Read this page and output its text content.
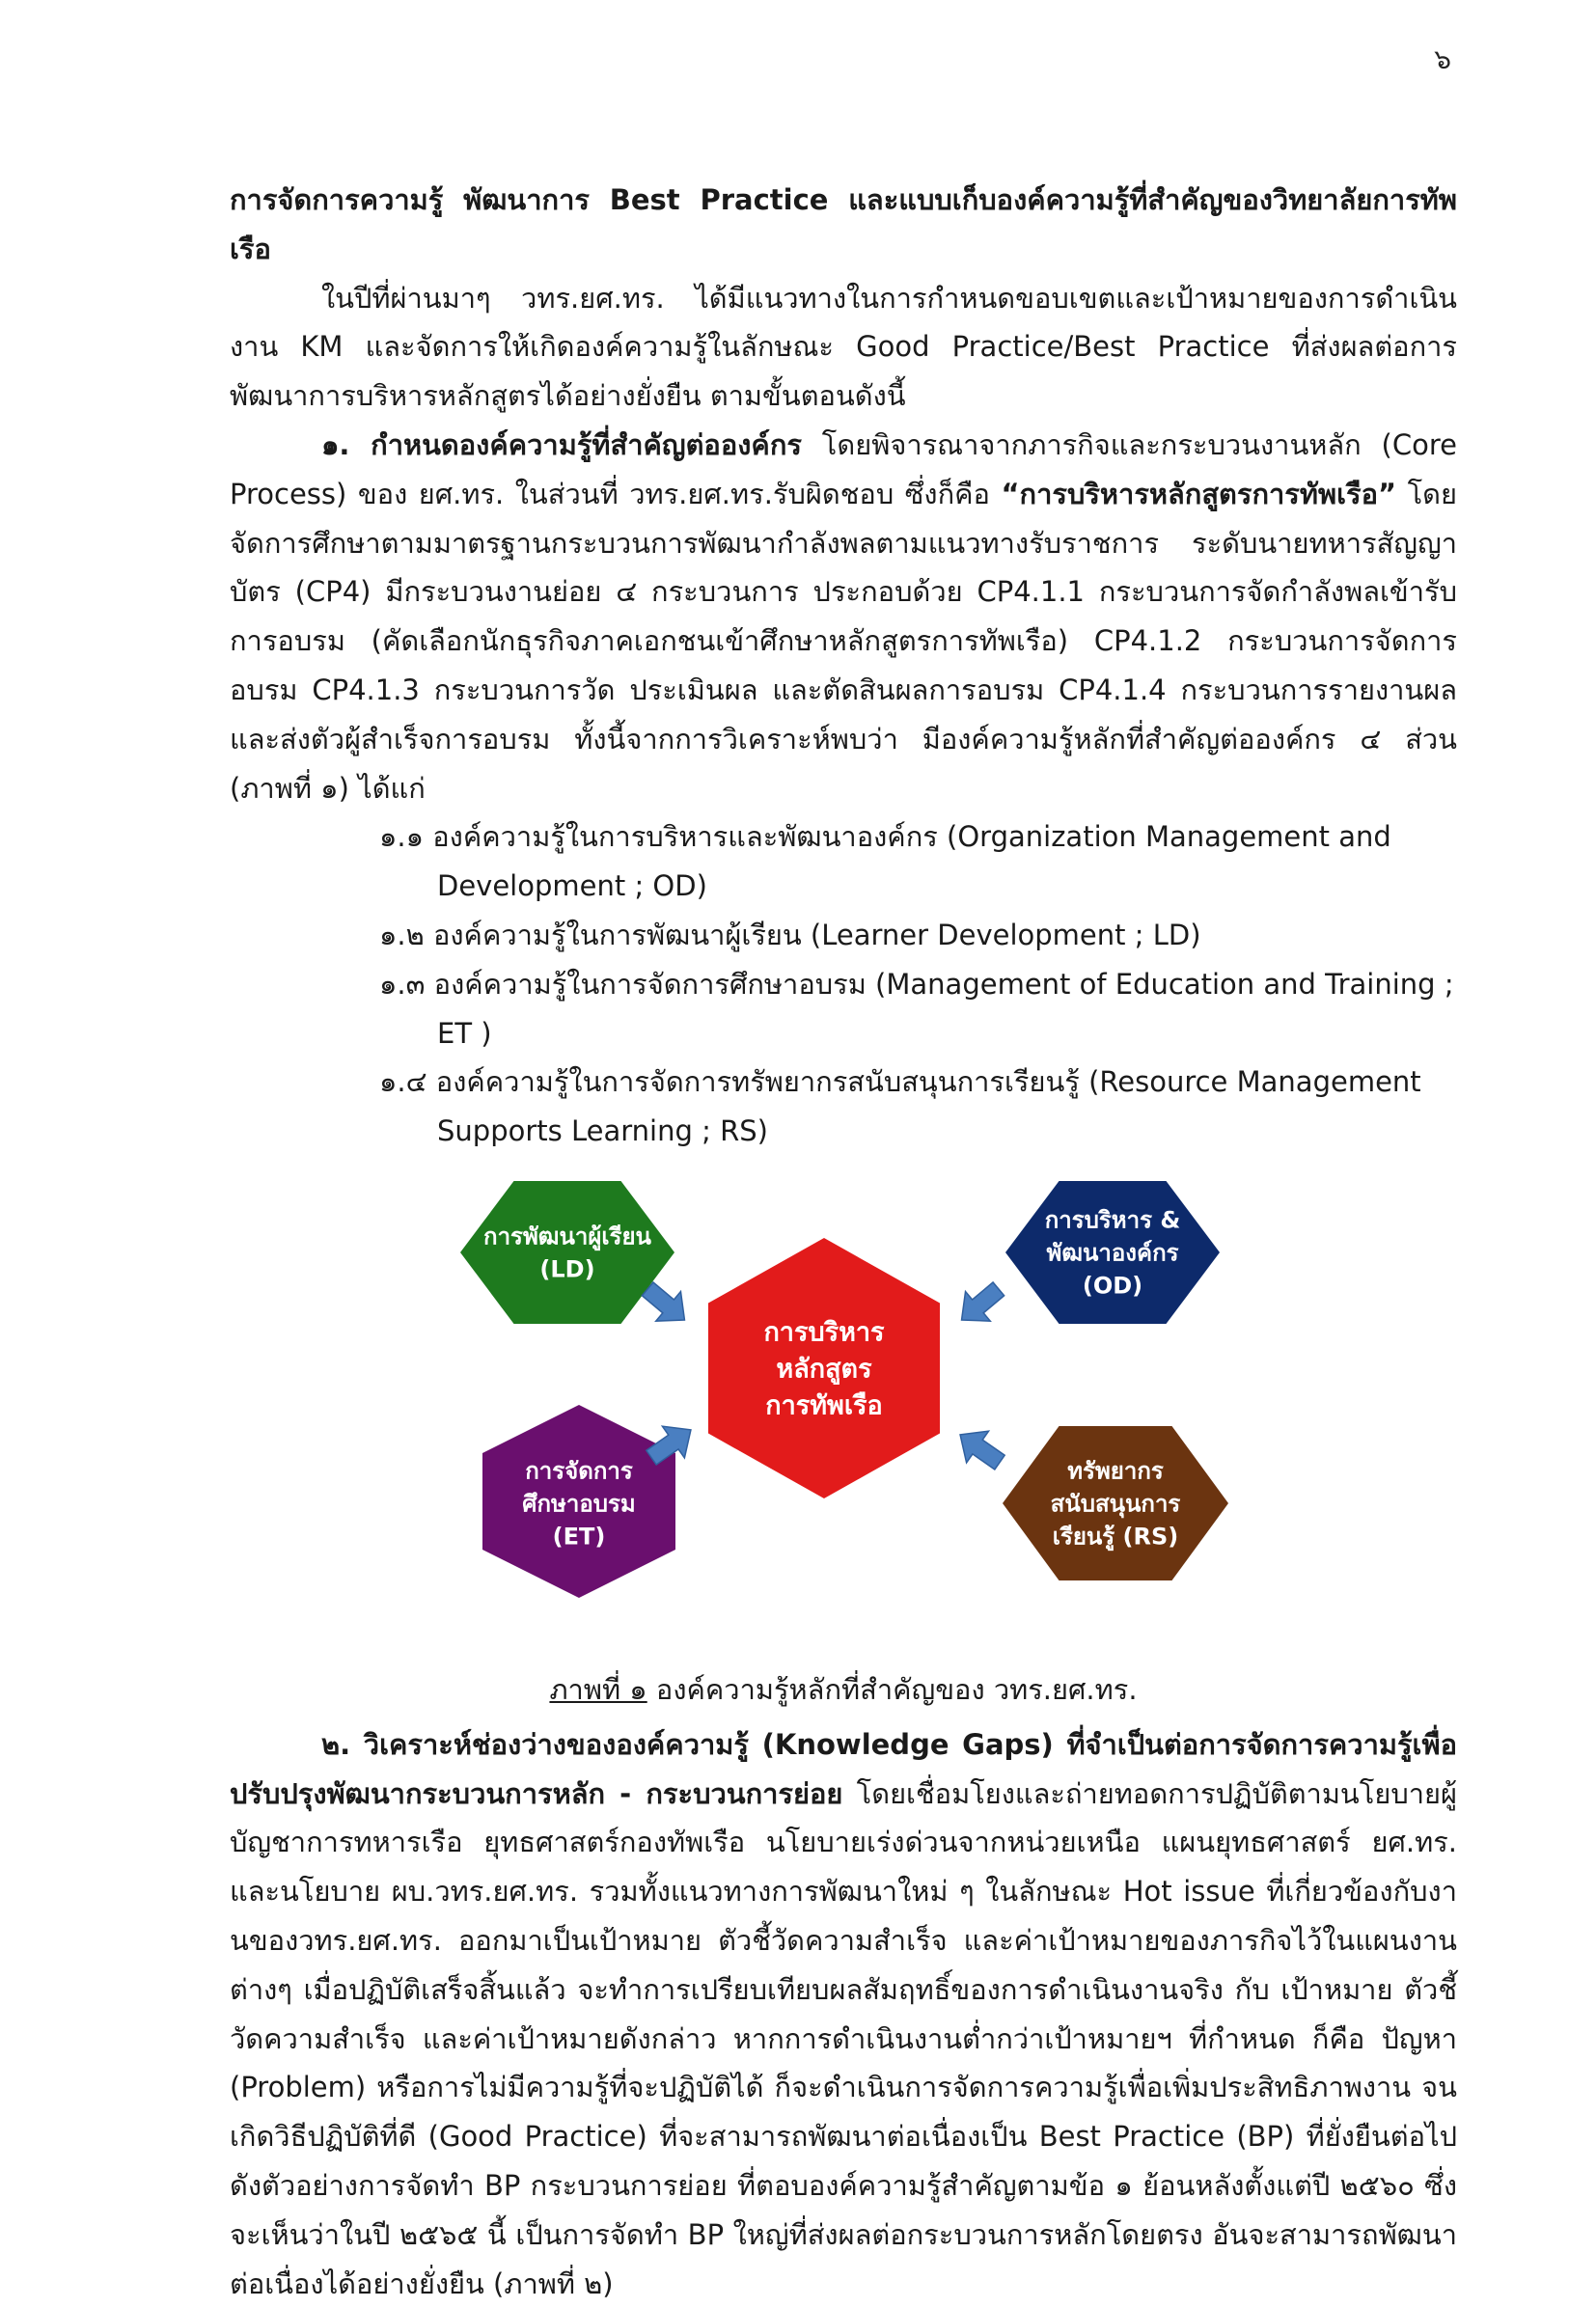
๖

การจัดการความรู้ พัฒนาการ Best Practice และแบบเก็บองค์ความรู้ที่สำคัญของวิทยาลัยการทัพเรือ

ในปีที่ผ่านมาๆ วทร.ยศ.ทร. ได้มีแนวทางในการกำหนดขอบเขตและเป้าหมายของการดำเนินงาน KM และจัดการให้เกิดองค์ความรู้ในลักษณะ Good Practice/Best Practice ที่ส่งผลต่อการพัฒนาการบริหารหลักสูตรได้อย่างยั่งยืน ตามขั้นตอนดังนี้

๑. กำหนดองค์ความรู้ที่สำคัญต่อองค์กร โดยพิจารณาจากภารกิจและกระบวนงานหลัก (Core Process) ของ ยศ.ทร. ในส่วนที่ วทร.ยศ.ทร.รับผิดชอบ ซึ่งก็คือ “การบริหารหลักสูตรการทัพเรือ” โดยจัดการศึกษาตามมาตรฐานกระบวนการพัฒนากำลังพลตามแนวทางรับราชการ ระดับนายทหารสัญญาบัตร (CP4) มีกระบวนงานย่อย ๔ กระบวนการ ประกอบด้วย CP4.1.1 กระบวนการจัดกำลังพลเข้ารับการอบรม (คัดเลือกนักธุรกิจภาคเอกชนเข้าศึกษาหลักสูตรการทัพเรือ) CP4.1.2 กระบวนการจัดการอบรม CP4.1.3 กระบวนการวัด ประเมินผล และตัดสินผลการอบรม CP4.1.4 กระบวนการรายงานผลและส่งตัวผู้สำเร็จการอบรม ทั้งนี้จากการวิเคราะห์พบว่า มีองค์ความรู้หลักที่สำคัญต่อองค์กร ๔ ส่วน (ภาพที่ ๑) ได้แก่

๑.๑ องค์ความรู้ในการบริหารและพัฒนาองค์กร (Organization Management and Development ; OD)
๑.๒ องค์ความรู้ในการพัฒนาผู้เรียน (Learner Development ; LD)
๑.๓ องค์ความรู้ในการจัดการศึกษาอบรม (Management of Education and Training ; ET )
๑.๔ องค์ความรู้ในการจัดการทรัพยากรสนับสนุนการเรียนรู้ (Resource Management Supports Learning ; RS)
การบริหารหลักสูตรการทัพเรือ
การพัฒนาผู้เรียน(LD)
การบริหาร &พัฒนาองค์กร(OD)
การจัดการศึกษาอบรม(ET)
ทรัพยากรสนับสนุนการเรียนรู้ (RS)

ภาพที่ ๑ องค์ความรู้หลักที่สำคัญของ วทร.ยศ.ทร.

๒. วิเคราะห์ช่องว่างขององค์ความรู้ (Knowledge Gaps) ที่จำเป็นต่อการจัดการความรู้เพื่อปรับปรุงพัฒนากระบวนการหลัก - กระบวนการย่อย โดยเชื่อมโยงและถ่ายทอดการปฏิบัติตามนโยบายผู้บัญชาการทหารเรือ ยุทธศาสตร์กองทัพเรือ นโยบายเร่งด่วนจากหน่วยเหนือ แผนยุทธศาสตร์ ยศ.ทร. และนโยบาย ผบ.วทร.ยศ.ทร. รวมทั้งแนวทางการพัฒนาใหม่ ๆ ในลักษณะ Hot issue ที่เกี่ยวข้องกับงานของวทร.ยศ.ทร. ออกมาเป็นเป้าหมาย ตัวชี้วัดความสำเร็จ และค่าเป้าหมายของภารกิจไว้ในแผนงานต่างๆ เมื่อปฏิบัติเสร็จสิ้นแล้ว จะทำการเปรียบเทียบผลสัมฤทธิ์ของการดำเนินงานจริง กับ เป้าหมาย ตัวชี้วัดความสำเร็จ และค่าเป้าหมายดังกล่าว หากการดำเนินงานต่ำกว่าเป้าหมายฯ ที่กำหนด ก็คือ ปัญหา (Problem) หรือการไม่มีความรู้ที่จะปฏิบัติได้ ก็จะดำเนินการจัดการความรู้เพื่อเพิ่มประสิทธิภาพงาน จนเกิดวิธีปฏิบัติที่ดี (Good Practice) ที่จะสามารถพัฒนาต่อเนื่องเป็น Best Practice (BP) ที่ยั่งยืนต่อไป ดังตัวอย่างการจัดทำ BP กระบวนการย่อย ที่ตอบองค์ความรู้สำคัญตามข้อ ๑ ย้อนหลังตั้งแต่ปี ๒๕๖๐ ซึ่งจะเห็นว่าในปี ๒๕๖๕ นี้ เป็นการจัดทำ BP ใหญ่ที่ส่งผลต่อกระบวนการหลักโดยตรง อันจะสามารถพัฒนาต่อเนื่องได้อย่างยั่งยืน (ภาพที่ ๒)
